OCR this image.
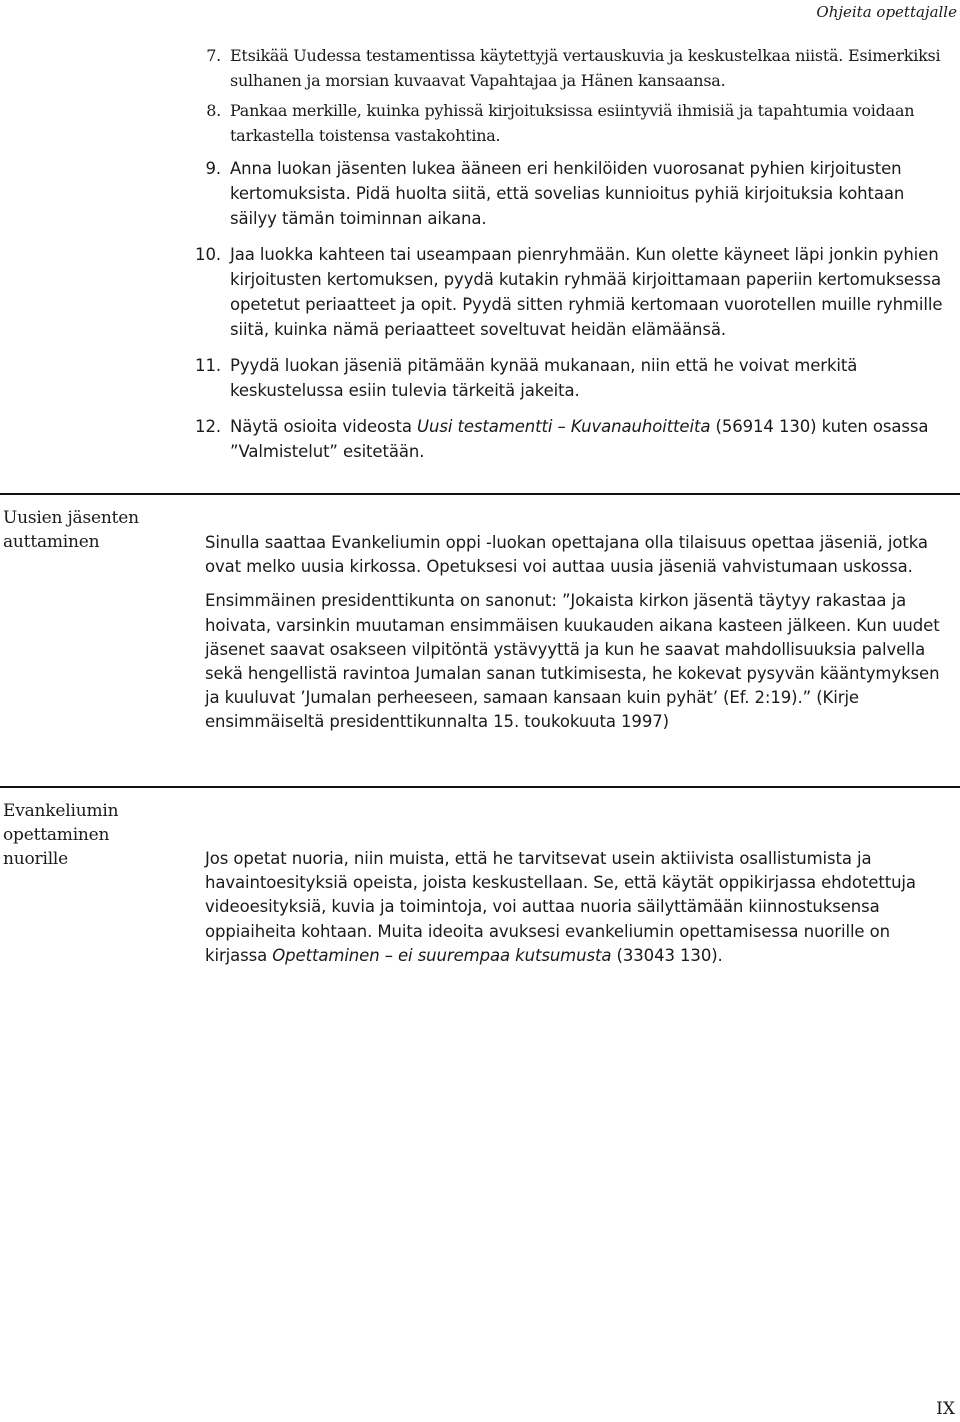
Ohjeita opettajalle
7. Etsikää Uudessa testamentissa käytettyjä vertauskuvia ja keskustelkaa niistä. Esimerkiksi sulhanen ja morsian kuvaavat Vapahtajaa ja Hänen kansaansa.
8. Pankaa merkille, kuinka pyhissä kirjoituksissa esiintyviä ihmisiä ja tapahtumia voidaan tarkastella toistensa vastakohtina.
9. Anna luokan jäsenten lukea ääneen eri henkilöiden vuorosanat pyhien kirjoitusten kertomuksista. Pidä huolta siitä, että sovelias kunnioitus pyhiä kirjoituksia kohtaan säilyy tämän toiminnan aikana.
10. Jaa luokka kahteen tai useampaan pienryhmään. Kun olette käyneet läpi jonkin pyhien kirjoitusten kertomuksen, pyydä kutakin ryhmää kirjoittamaan paperiin kertomuksessa opetetut periaatteet ja opit. Pyydä sitten ryhmiä kertomaan vuorotellen muille ryhmille siitä, kuinka nämä periaatteet soveltuvat heidän elämäänsä.
11. Pyydä luokan jäseniä pitämään kynää mukanaan, niin että he voivat merkitä keskustelussa esiin tulevia tärkeitä jakeita.
12. Näytä osioita videosta Uusi testamentti – Kuvanauhoitteita (56914 130) kuten osassa ”Valmistelut” esitetään.
Uusien jäsenten auttaminen	Sinulla saattaa Evankeliumin oppi -luokan opettajana olla tilaisuus opettaa jäseniä, jotka ovat melko uusia kirkossa. Opetuksesi voi auttaa uusia jäseniä vahvistumaan uskossa.

Ensimmäinen presidenttikunta on sanonut: ”Jokaista kirkon jäsentä täytyy rakastaa ja hoivata, varsinkin muutaman ensimmäisen kuukauden aikana kasteen jälkeen. Kun uudet jäsenet saavat osakseen vilpitöntä ystävyyttä ja kun he saavat mahdollisuuksia palvella sekä hengellistä ravintoa Jumalan sanan tutkimisesta, he kokevat pysyvän kääntymyksen ja kuuluvat ’Jumalan perheeseen, samaan kansaan kuin pyhät’ (Ef. 2:19).” (Kirje ensimmäiseltä presidenttikunnalta 15. toukokuuta 1997)

Evankeliumin opettaminen nuorille	Jos opetat nuoria, niin muista, että he tarvitsevat usein aktiivista osallistumista ja havaintoesityksiä opeista, joista keskustellaan. Se, että käytät oppikirjassa ehdotettuja videoesityksiä, kuvia ja toimintoja, voi auttaa nuoria säilyttämään kiinnostuksensa oppiaiheita kohtaan. Muita ideoita avuksesi evankeliumin opettamisessa nuorille on kirjassa Opettaminen – ei suurempaa kutsumusta (33043 130).

IX
